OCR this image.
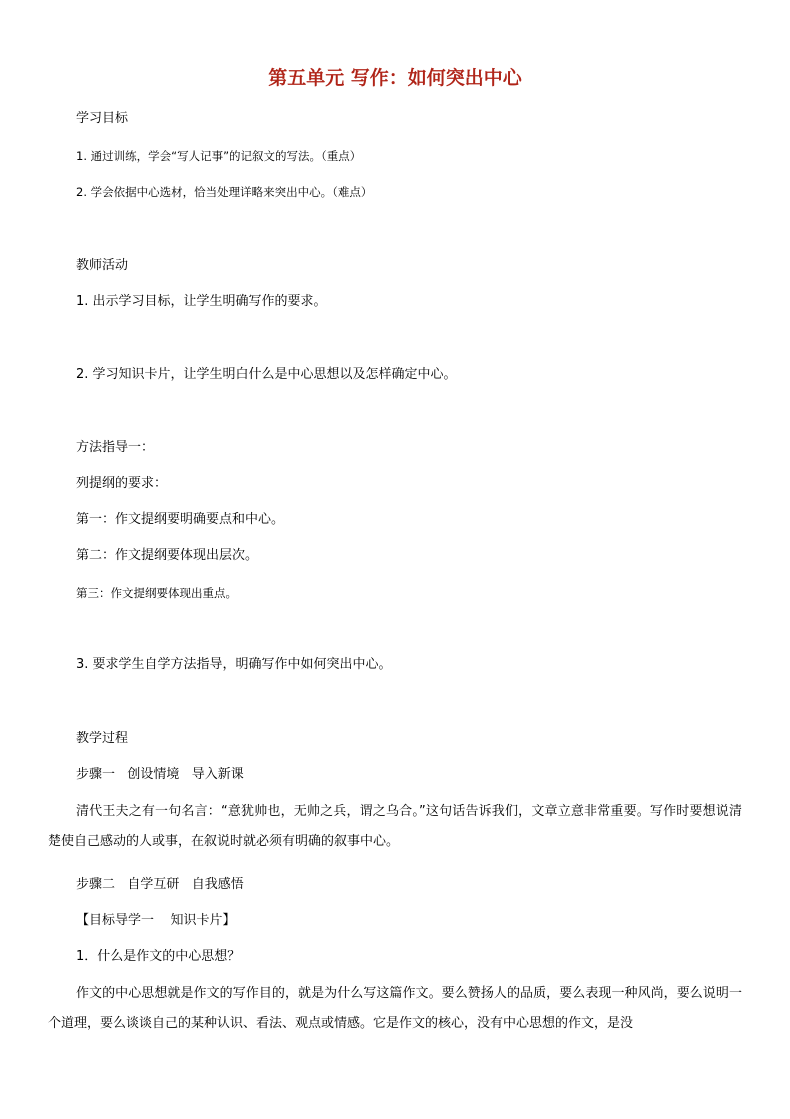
第五单元 写作：如何突出中心
学习目标
1. 通过训练，学会“写人记事”的记叙文的写法。（重点）
2. 学会依据中心选材，恰当处理详略来突出中心。（难点）
教师活动
1. 出示学习目标，让学生明确写作的要求。
2. 学习知识卡片，让学生明白什么是中心思想以及怎样确定中心。
方法指导一：
列提纲的要求：
第一：作文提纲要明确要点和中心。
第二：作文提纲要体现出层次。
第三：作文提纲要体现出重点。
3. 要求学生自学方法指导，明确写作中如何突出中心。
教学过程
步骤一   创设情境   导入新课
清代王夫之有一句名言：“意犹帅也，无帅之兵，谓之乌合。”这句话告诉我们，文章立意非常重要。写作时要想说清楚使自己感动的人或事，在叙说时就必须有明确的叙事中心。
步骤二   自学互研   自我感悟
【目标导学一    知识卡片】
1．什么是作文的中心思想？
作文的中心思想就是作文的写作目的，就是为什么写这篇作文。要么赞扬人的品质，要么表现一种风尚，要么说明一个道理，要么谈谈自己的某种认识、看法、观点或情感。它是作文的核心，没有中心思想的作文，是没
